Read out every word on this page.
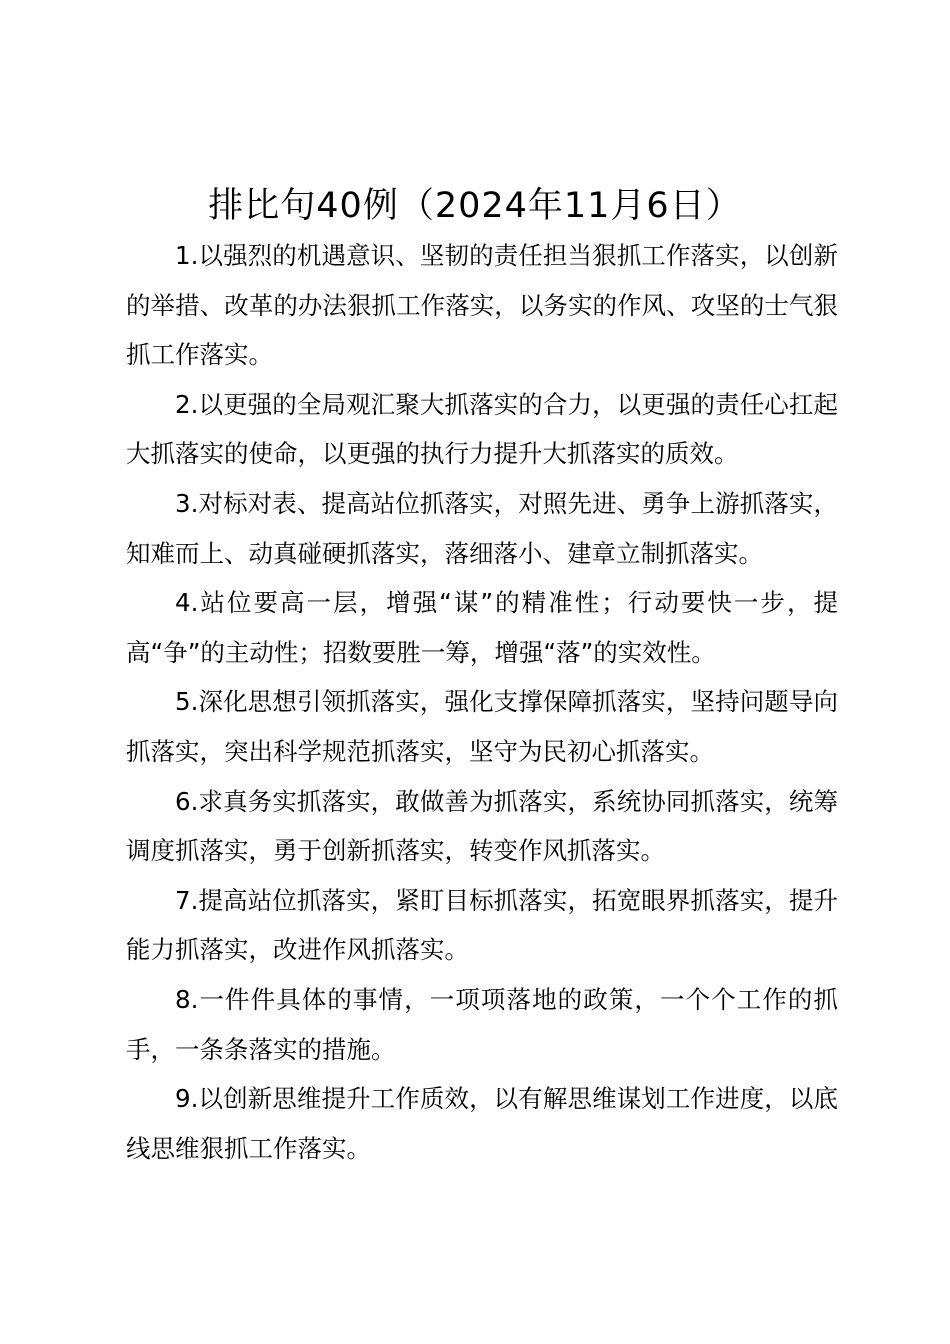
排比句40例（2024年11月6日）

1.以强烈的机遇意识、坚韧的责任担当狠抓工作落实，以创新的举措、改革的办法狠抓工作落实，以务实的作风、攻坚的士气狠抓工作落实。

2.以更强的全局观汇聚大抓落实的合力，以更强的责任心扛起大抓落实的使命，以更强的执行力提升大抓落实的质效。

3.对标对表、提高站位抓落实，对照先进、勇争上游抓落实，知难而上、动真碰硬抓落实，落细落小、建章立制抓落实。

4.站位要高一层，增强“谋”的精准性；行动要快一步，提高“争”的主动性；招数要胜一筹，增强“落”的实效性。

5.深化思想引领抓落实，强化支撑保障抓落实，坚持问题导向抓落实，突出科学规范抓落实，坚守为民初心抓落实。

6.求真务实抓落实，敢做善为抓落实，系统协同抓落实，统筹调度抓落实，勇于创新抓落实，转变作风抓落实。

7.提高站位抓落实，紧盯目标抓落实，拓宽眼界抓落实，提升能力抓落实，改进作风抓落实。

8.一件件具体的事情，一项项落地的政策，一个个工作的抓手，一条条落实的措施。

9.以创新思维提升工作质效，以有解思维谋划工作进度，以底线思维狠抓工作落实。
